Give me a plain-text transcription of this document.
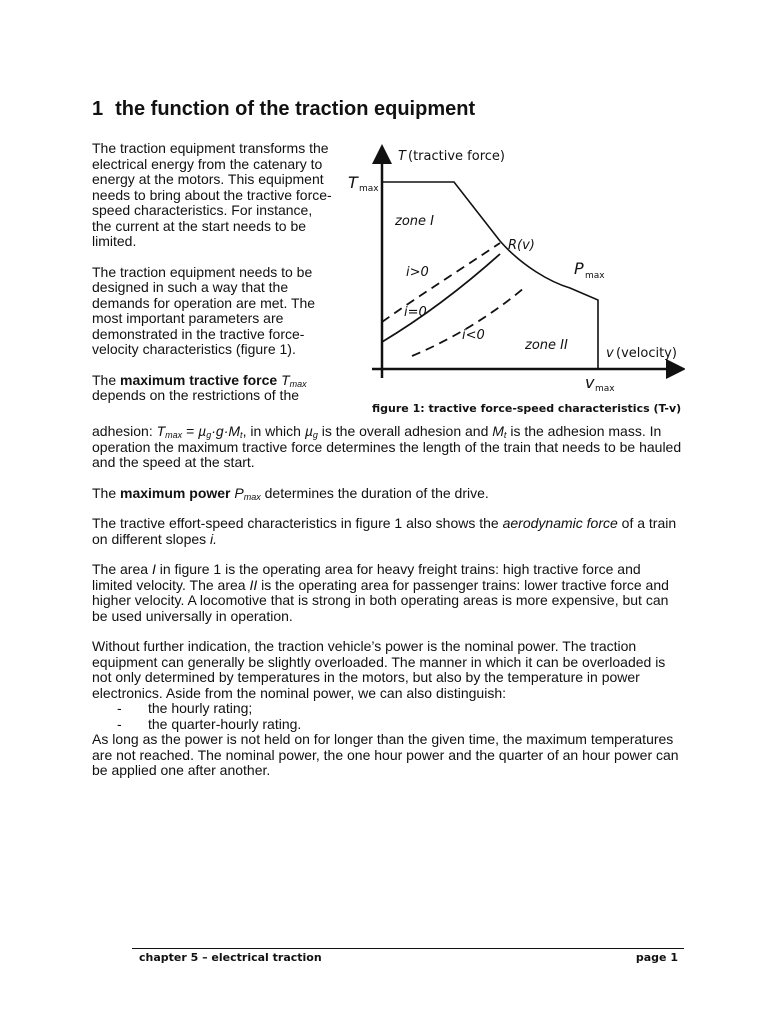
1 the function of the traction equipment

The traction equipment transforms the electrical energy from the catenary to energy at the motors. This equipment needs to bring about the tractive force-speed characteristics. For instance, the current at the start needs to be limited.

The traction equipment needs to be designed in such a way that the demands for operation are met. The most important parameters are demonstrated in the tractive force-velocity characteristics (figure 1).

The maximum tractive force $T_{max}$
depends on the restrictions of the

T (tractive force)
T max
zone I
R(v)
P max
i>0
i=0
i<0
zone II
v (velocity)
v max
figure 1: tractive force-speed characteristics (T-v)

adhesion: $T_{max} = \mu_g\cdot g\cdot M_t$, in which µ$_g$ is the overall adhesion and $M_t$ is the adhesion mass. In operation the maximum tractive force determines the length of the train that needs to be hauled and the speed at the start.

The maximum power $P_{max}$ determines the duration of the drive.

The tractive effort-speed characteristics in figure 1 also shows the aerodynamic force of a train on different slopes i.

The area I in figure 1 is the operating area for heavy freight trains: high tractive force and limited velocity. The area II is the operating area for passenger trains: lower tractive force and higher velocity. A locomotive that is strong in both operating areas is more expensive, but can be used universally in operation.

Without further indication, the traction vehicle’s power is the nominal power. The traction equipment can generally be slightly overloaded. The manner in which it can be overloaded is not only determined by temperatures in the motors, but also by the temperature in power electronics. Aside from the nominal power, we can also distinguish:

- the hourly rating;
- the quarter-hourly rating.

As long as the power is not held on for longer than the given time, the maximum temperatures are not reached. The nominal power, the one hour power and the quarter of an hour power can be applied one after another.

chapter 5 – electrical traction	page 1
